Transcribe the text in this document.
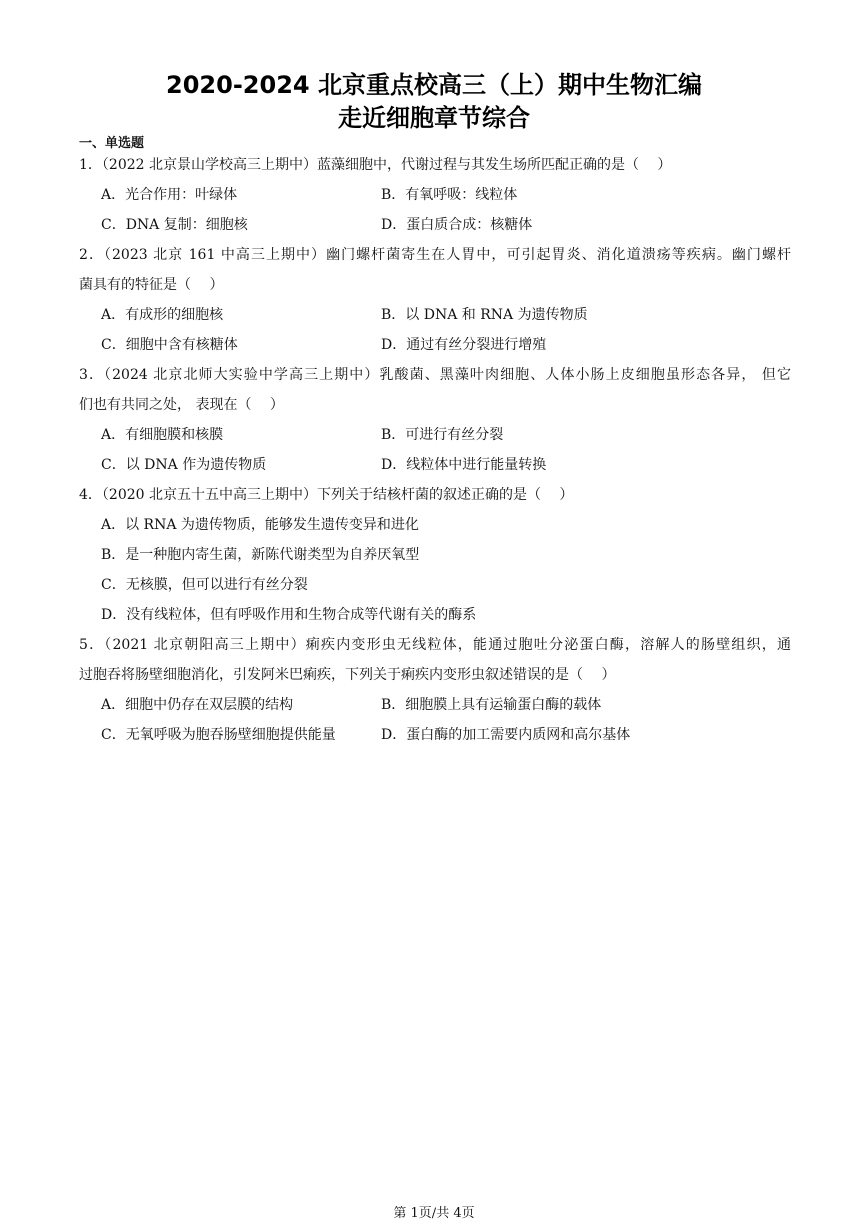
2020-2024 北京重点校高三（上）期中生物汇编
走近细胞章节综合
一、单选题
1．（2022 北京景山学校高三上期中）蓝藻细胞中，代谢过程与其发生场所匹配正确的是（　 ）
A．光合作用：叶绿体	B．有氧呼吸：线粒体
C．DNA 复制：细胞核	D．蛋白质合成：核糖体
2．（2023 北京 161 中高三上期中）幽门螺杆菌寄生在人胃中，可引起胃炎、消化道溃疡等疾病。幽门螺杆
菌具有的特征是（　 ）
A．有成形的细胞核	B．以 DNA 和 RNA 为遗传物质
C．细胞中含有核糖体	D．通过有丝分裂进行增殖
3．（2024 北京北师大实验中学高三上期中）乳酸菌、黑藻叶肉细胞、人体小肠上皮细胞虽形态各异， 但它
们也有共同之处， 表现在（　 ）
A．有细胞膜和核膜	B．可进行有丝分裂
C．以 DNA 作为遗传物质	D．线粒体中进行能量转换
4．（2020 北京五十五中高三上期中）下列关于结核杆菌的叙述正确的是（　 ）
A．以 RNA 为遗传物质，能够发生遗传变异和进化
B．是一种胞内寄生菌，新陈代谢类型为自养厌氧型
C．无核膜，但可以进行有丝分裂
D．没有线粒体，但有呼吸作用和生物合成等代谢有关的酶系
5．（2021 北京朝阳高三上期中）痢疾内变形虫无线粒体，能通过胞吐分泌蛋白酶，溶解人的肠壁组织，通
过胞吞将肠壁细胞消化，引发阿米巴痢疾，下列关于痢疾内变形虫叙述错误的是（　 ）
A．细胞中仍存在双层膜的结构	B．细胞膜上具有运输蛋白酶的载体
C．无氧呼吸为胞吞肠壁细胞提供能量	D．蛋白酶的加工需要内质网和高尔基体
第 1页/共 4页
